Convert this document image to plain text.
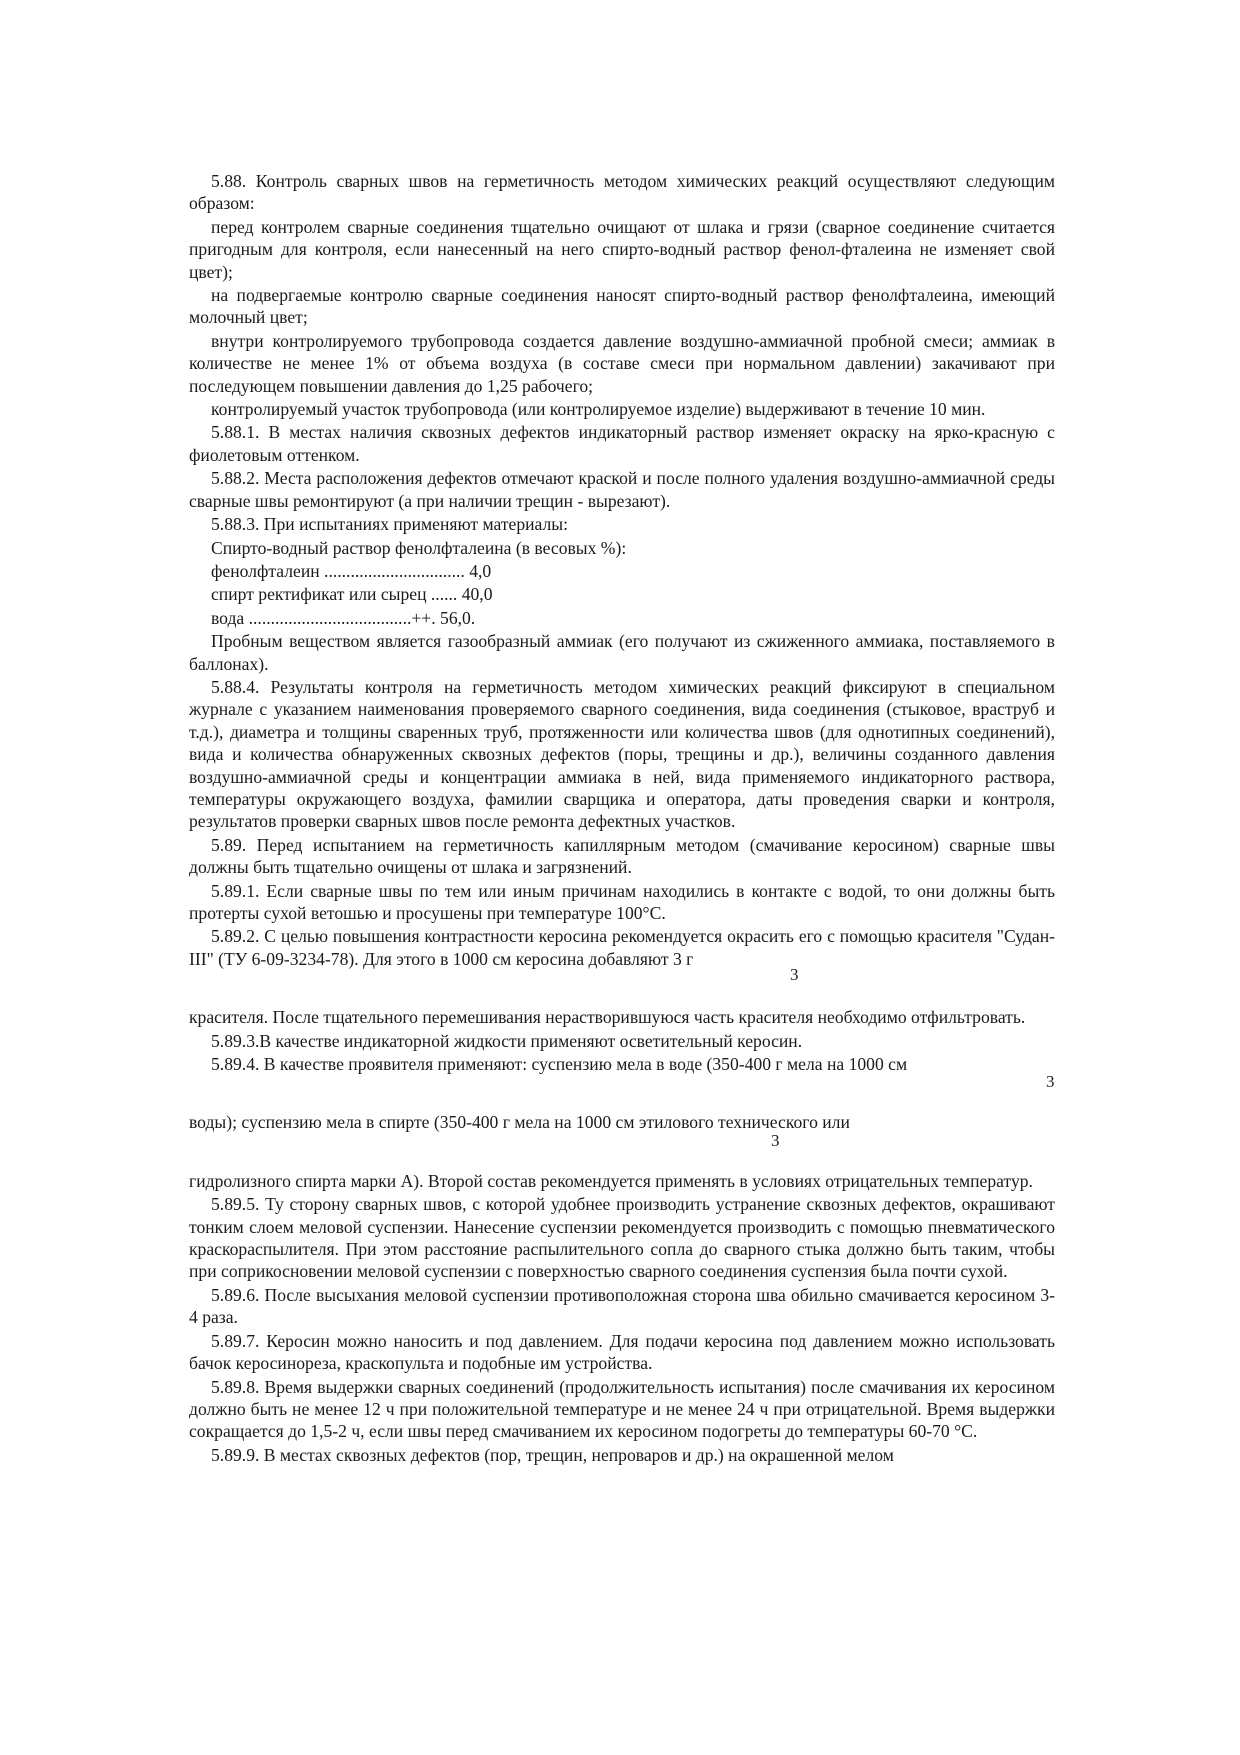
5.88. Контроль сварных швов на герметичность методом химических реакций осуществляют следующим образом:

перед контролем сварные соединения тщательно очищают от шлака и грязи (сварное соединение считается пригодным для контроля, если нанесенный на него спирто-водный раствор фенол-фталеина не изменяет свой цвет);

на подвергаемые контролю сварные соединения наносят спирто-водный раствор фенолфталеина, имеющий молочный цвет;

внутри контролируемого трубопровода создается давление воздушно-аммиачной пробной смеси; аммиак в количестве не менее 1% от объема воздуха (в составе смеси при нормальном давлении) закачивают при последующем повышении давления до 1,25 рабочего;

контролируемый участок трубопровода (или контролируемое изделие) выдерживают в течение 10 мин.

5.88.1. В местах наличия сквозных дефектов индикаторный раствор изменяет окраску на ярко-красную с фиолетовым оттенком.

5.88.2. Места расположения дефектов отмечают краской и после полного удаления воздушно-аммиачной среды сварные швы ремонтируют (а при наличии трещин - вырезают).

5.88.3. При испытаниях применяют материалы:

Спирто-водный раствор фенолфталеина (в весовых %):

фенолфталеин ................................ 4,0

спирт ректификат или сырец ...... 40,0

вода .....................................++. 56,0.

Пробным веществом является газообразный аммиак (его получают из сжиженного аммиака, поставляемого в баллонах).

5.88.4. Результаты контроля на герметичность методом химических реакций фиксируют в специальном журнале с указанием наименования проверяемого сварного соединения, вида соединения (стыковое, враструб и т.д.), диаметра и толщины сваренных труб, протяженности или количества швов (для однотипных соединений), вида и количества обнаруженных сквозных дефектов (поры, трещины и др.), величины созданного давления воздушно-аммиачной среды и концентрации аммиака в ней, вида применяемого индикаторного раствора, температуры окружающего воздуха, фамилии сварщика и оператора, даты проведения сварки и контроля, результатов проверки сварных швов после ремонта дефектных участков.

5.89. Перед испытанием на герметичность капиллярным методом (смачивание керосином) сварные швы должны быть тщательно очищены от шлака и загрязнений.

5.89.1. Если сварные швы по тем или иным причинам находились в контакте с водой, то они должны быть протерты сухой ветошью и просушены при температуре 100°С.

5.89.2. С целью повышения контрастности керосина рекомендуется окрасить его с помощью красителя "Судан-III" (ТУ 6-09-3234-78). Для этого в 1000 см керосина добавляют 3 г

3

красителя. После тщательного перемешивания нерастворившуюся часть красителя необходимо отфильтровать.

5.89.3.В качестве индикаторной жидкости применяют осветительный керосин.

5.89.4. В качестве проявителя применяют: суспензию мела в воде (350-400 г мела на 1000 см

3

воды); суспензию мела в спирте (350-400 г мела на 1000 см этилового технического или

3

гидролизного спирта марки А). Второй состав рекомендуется применять в условиях отрицательных температур.

5.89.5. Ту сторону сварных швов, с которой удобнее производить устранение сквозных дефектов, окрашивают тонким слоем меловой суспензии. Нанесение суспензии рекомендуется производить с помощью пневматического краскораспылителя. При этом расстояние распылительного сопла до сварного стыка должно быть таким, чтобы при соприкосновении меловой суспензии с поверхностью сварного соединения суспензия была почти сухой.

5.89.6. После высыхания меловой суспензии противоположная сторона шва обильно смачивается керосином 3-4 раза.

5.89.7. Керосин можно наносить и под давлением. Для подачи керосина под давлением можно использовать бачок керосинореза, краскопульта и подобные им устройства.

5.89.8. Время выдержки сварных соединений (продолжительность испытания) после смачивания их керосином должно быть не менее 12 ч при положительной температуре и не менее 24 ч при отрицательной. Время выдержки сокращается до 1,5-2 ч, если швы перед смачиванием их керосином подогреты до температуры 60-70 °С.

5.89.9. В местах сквозных дефектов (пор, трещин, непроваров и др.) на окрашенной мелом
